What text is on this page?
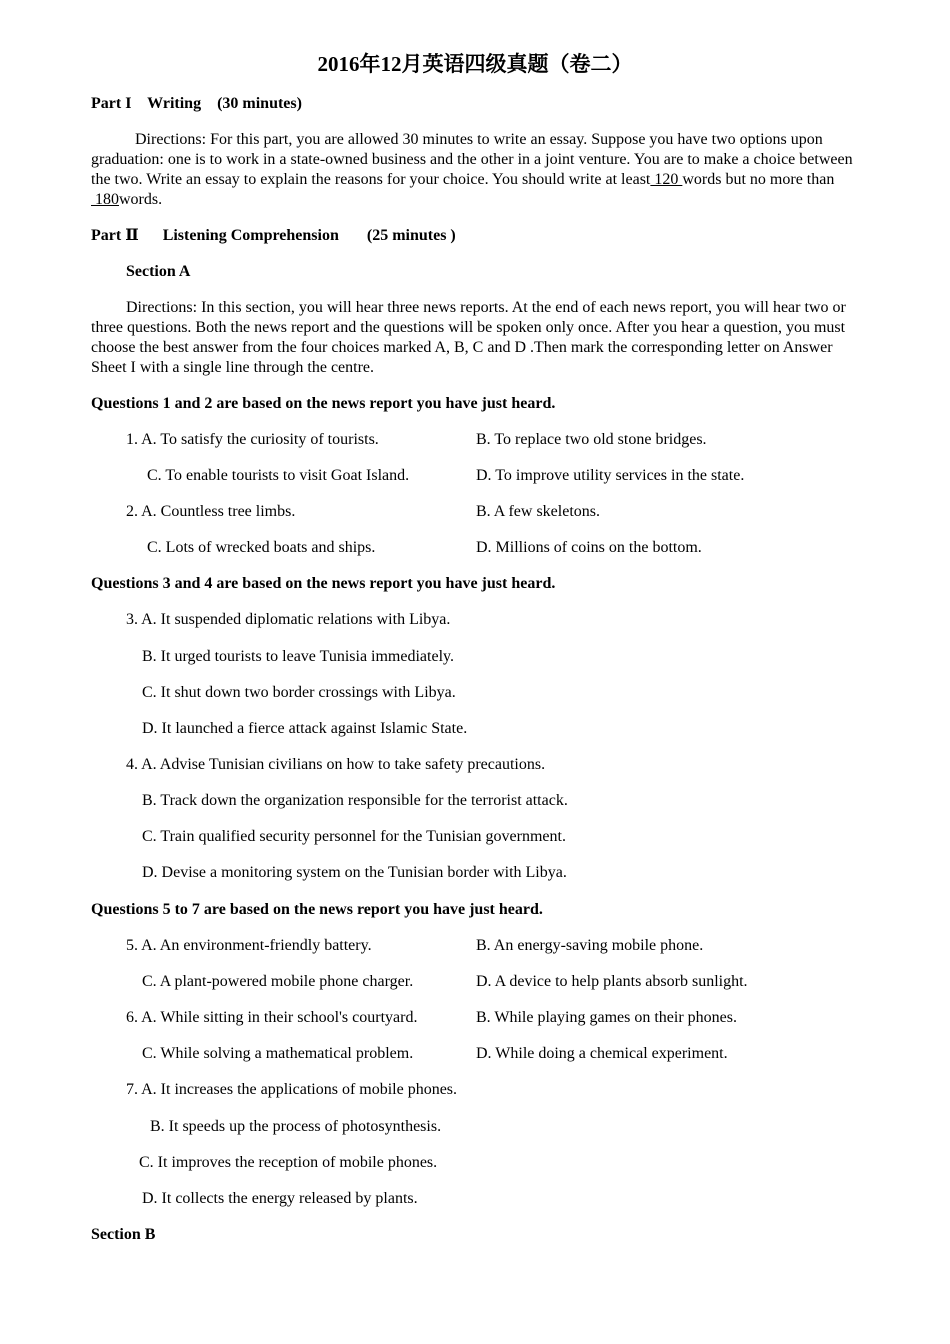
2016年12月英语四级真题（卷二）
Part I    Writing    (30 minutes)
Directions: For this part, you are allowed 30 minutes to write an essay. Suppose you have two options upon graduation: one is to work in a state-owned business and the other in a joint venture. You are to make a choice between the two. Write an essay to explain the reasons for your choice. You should write at least 120 words but no more than 180words.
Part Ⅱ      Listening Comprehension       (25 minutes )
Section A
Directions: In this section, you will hear three news reports. At the end of each news report, you will hear two or three questions. Both the news report and the questions will be spoken only once. After you hear a question, you must choose the best answer from the four choices marked A, B, C and D .Then mark the corresponding letter on Answer Sheet I with a single line through the centre.
Questions 1 and 2 are based on the news report you have just heard.
1. A. To satisfy the curiosity of tourists.	B. To replace two old stone bridges.
C. To enable tourists to visit Goat Island.	D. To improve utility services in the state.
2. A. Countless tree limbs.	B. A few skeletons.
C. Lots of wrecked boats and ships.	D. Millions of coins on the bottom.
Questions 3 and 4 are based on the news report you have just heard.
3. A. It suspended diplomatic relations with Libya.
B. It urged tourists to leave Tunisia immediately.
C. It shut down two border crossings with Libya.
D. It launched a fierce attack against Islamic State.
4. A. Advise Tunisian civilians on how to take safety precautions.
B. Track down the organization responsible for the terrorist attack.
C. Train qualified security personnel for the Tunisian government.
D. Devise a monitoring system on the Tunisian border with Libya.
Questions 5 to 7 are based on the news report you have just heard.
5. A. An environment-friendly battery.	B. An energy-saving mobile phone.
C. A plant-powered mobile phone charger.	D. A device to help plants absorb sunlight.
6. A. While sitting in their school's courtyard.	B. While playing games on their phones.
C. While solving a mathematical problem.	D. While doing a chemical experiment.
7. A. It increases the applications of mobile phones.
B. It speeds up the process of photosynthesis.
C. It improves the reception of mobile phones.
D. It collects the energy released by plants.
Section B
